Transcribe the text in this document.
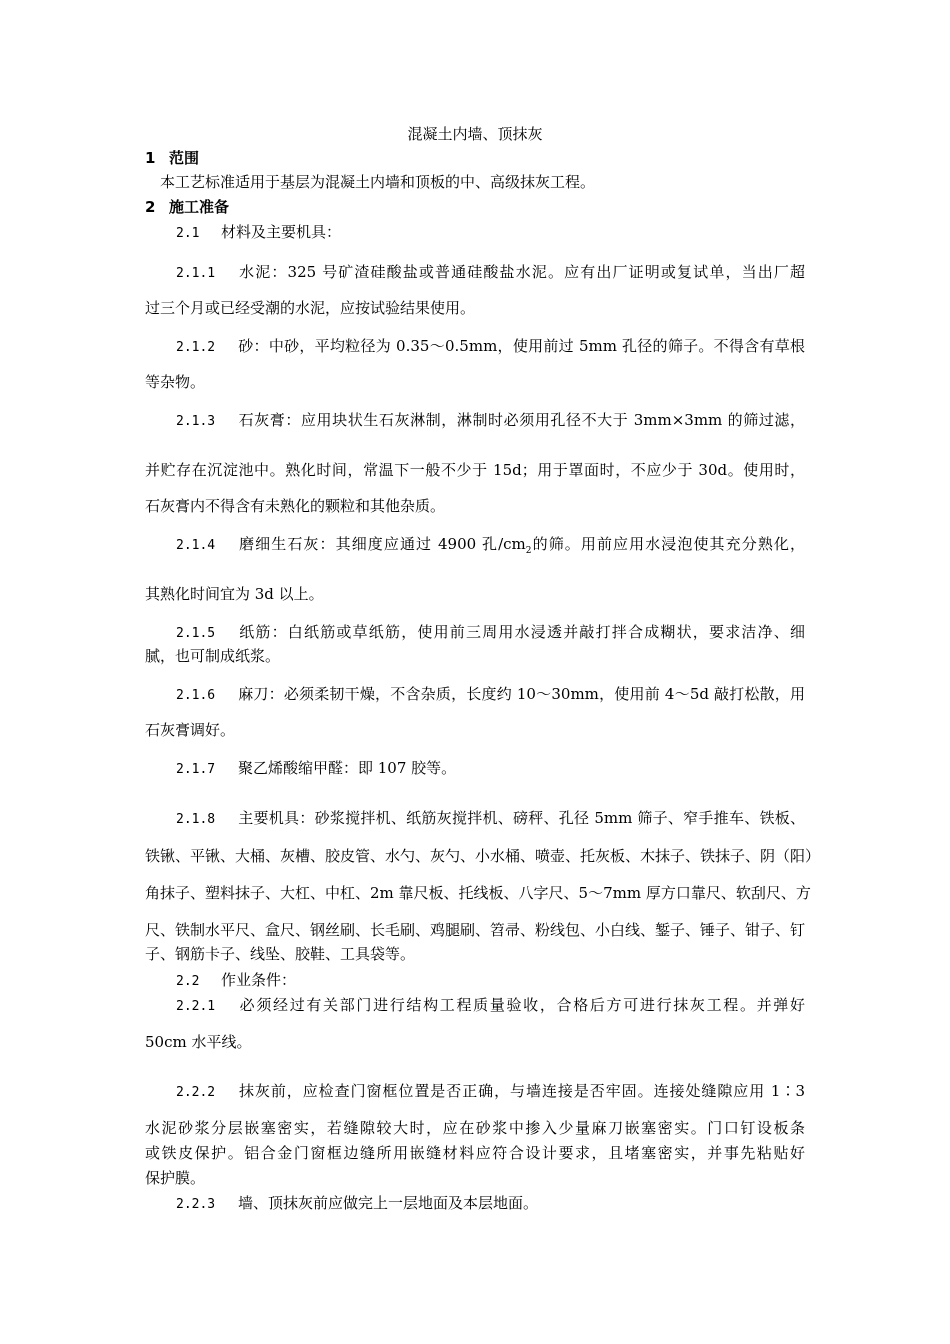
混凝土内墙、顶抹灰
1 范围
本工艺标准适用于基层为混凝土内墙和顶板的中、高级抹灰工程。
2 施工准备
2.1 材料及主要机具：
2.1.1 水泥：325 号矿渣硅酸盐或普通硅酸盐水泥。应有出厂证明或复试单，当出厂超
过三个月或已经受潮的水泥，应按试验结果使用。
2.1.2 砂：中砂，平均粒径为 0.35～0.5mm，使用前过 5mm 孔径的筛子。不得含有草根
等杂物。
2.1.3 石灰膏：应用块状生石灰淋制，淋制时必须用孔径不大于 3mm×3mm 的筛过滤，
并贮存在沉淀池中。熟化时间，常温下一般不少于 15d；用于罩面时，不应少于 30d。使用时，
石灰膏内不得含有未熟化的颗粒和其他杂质。
2.1.4 磨细生石灰：其细度应通过 4900 孔$/cm_2$的筛。用前应用水浸泡使其充分熟化，
其熟化时间宜为 3d 以上。
2.1.5 纸筋：白纸筋或草纸筋，使用前三周用水浸透并敲打拌合成糊状，要求洁净、细
腻，也可制成纸浆。
2.1.6 麻刀：必须柔韧干燥，不含杂质，长度约 10～30mm，使用前 4～5d 敲打松散，用
石灰膏调好。
2.1.7 聚乙烯酸缩甲醛：即 107 胶等。
2.1.8 主要机具：砂浆搅拌机、纸筋灰搅拌机、磅秤、孔径 5mm 筛子、窄手推车、铁板、
铁锹、平锹、大桶、灰槽、胶皮管、水勺、灰勺、小水桶、喷壶、托灰板、木抹子、铁抹子、阴（阳）
角抹子、塑料抹子、大杠、中杠、2m 靠尺板、托线板、八字尺、5～7mm 厚方口靠尺、软刮尺、方
尺、铁制水平尺、盒尺、钢丝刷、长毛刷、鸡腿刷、笤帚、粉线包、小白线、錾子、锤子、钳子、钉
子、钢筋卡子、线坠、胶鞋、工具袋等。
2.2 作业条件：
2.2.1 必须经过有关部门进行结构工程质量验收，合格后方可进行抹灰工程。并弹好
50cm 水平线。
2.2.2 抹灰前，应检查门窗框位置是否正确，与墙连接是否牢固。连接处缝隙应用 1∶3
水泥砂浆分层嵌塞密实，若缝隙较大时，应在砂浆中掺入少量麻刀嵌塞密实。门口钉设板条
或铁皮保护。铝合金门窗框边缝所用嵌缝材料应符合设计要求，且堵塞密实，并事先粘贴好
保护膜。
2.2.3 墙、顶抹灰前应做完上一层地面及本层地面。
